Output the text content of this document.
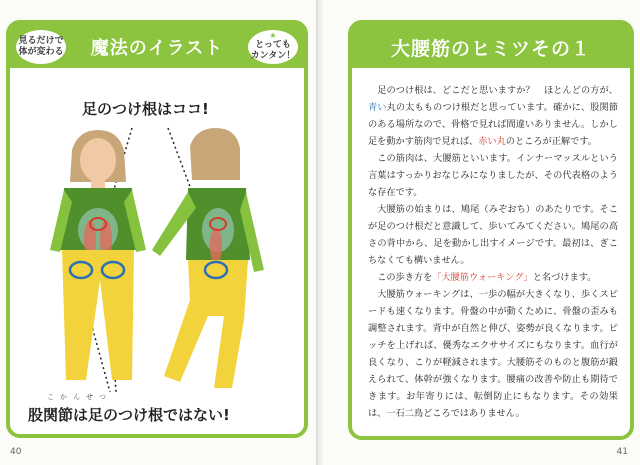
見るだけで
体が変わる	魔法のイラスト
★
とっても
カンタン！
足のつけ根はココ!
こかんせつ
股関節は足のつけ根ではない!
40
大腰筋のヒミツその１

足のつけ根は、どこだと思いますか？　ほとんどの方が、青い丸の太もものつけ根だと思っています。確かに、股関節のある場所なので、骨格で見れば間違いありません。しかし足を動かす筋肉で見れば、赤い丸のところが正解です。

この筋肉は、大腰筋といいます。インナーマッスルという言葉はすっかりおなじみになりましたが、その代表格のような存在です。

大腰筋の始まりは、鳩尾（みぞおち）のあたりです。そこが足のつけ根だと意識して、歩いてみてください。鳩尾の高さの背中から、足を動かし出すイメージです。最初は、ぎこちなくても構いません。

この歩き方を「大腰筋ウォーキング」と名づけます。

大腰筋ウォーキングは、一歩の幅が大きくなり、歩くスピードも速くなります。骨盤の中が動くために、骨盤の歪みも調整されます。背中が自然と伸び、姿勢が良くなります。ピッチを上げれば、優秀なエクササイズにもなります。血行が良くなり、こりが軽減されます。大腰筋そのものと腹筋が鍛えられて、体幹が強くなります。腰痛の改善や防止も期待できます。お年寄りには、転倒防止にもなります。その効果は、一石二鳥どころではありません。

41
